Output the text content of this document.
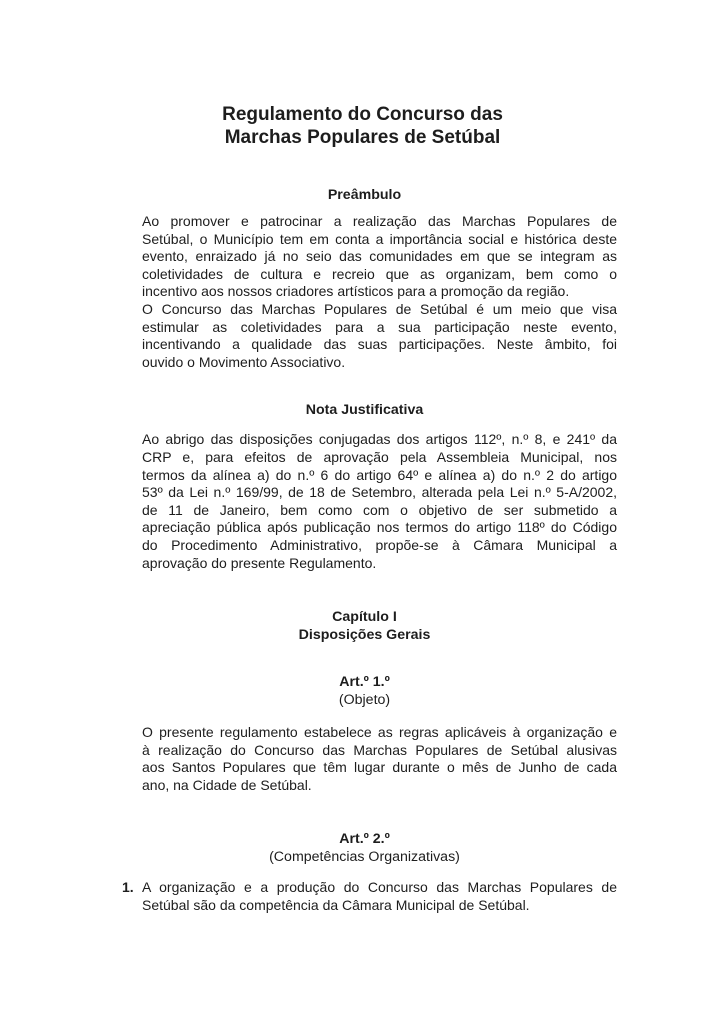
Regulamento do Concurso das
Marchas Populares de Setúbal
Preâmbulo
Ao promover e patrocinar a realização das Marchas Populares de
Setúbal, o Município tem em conta a importância social e histórica deste
evento, enraizado já no seio das comunidades em que se integram as
coletividades de cultura e recreio que as organizam, bem como o
incentivo aos nossos criadores artísticos para a promoção da região.
O Concurso das Marchas Populares de Setúbal é um meio que visa
estimular as coletividades para a sua participação neste evento,
incentivando a qualidade das suas participações. Neste âmbito, foi
ouvido o Movimento Associativo.
Nota Justificativa
Ao abrigo das disposições conjugadas dos artigos 112º, n.º 8, e 241º da
CRP e, para efeitos de aprovação pela Assembleia Municipal, nos
termos da alínea a) do n.º 6 do artigo 64º e alínea a) do n.º 2 do artigo
53º da Lei n.º 169/99, de 18 de Setembro, alterada pela Lei n.º 5-A/2002,
de 11 de Janeiro, bem como com o objetivo de ser submetido a
apreciação pública após publicação nos termos do artigo 118º do Código
do Procedimento Administrativo, propõe-se à Câmara Municipal a
aprovação do presente Regulamento.
Capítulo I
Disposições Gerais
Art.º 1.º
(Objeto)
O presente regulamento estabelece as regras aplicáveis à organização e
à realização do Concurso das Marchas Populares de Setúbal alusivas
aos Santos Populares que têm lugar durante o mês de Junho de cada
ano, na Cidade de Setúbal.
Art.º 2.º
(Competências Organizativas)
1. A organização e a produção do Concurso das Marchas Populares de
Setúbal são da competência da Câmara Municipal de Setúbal.
